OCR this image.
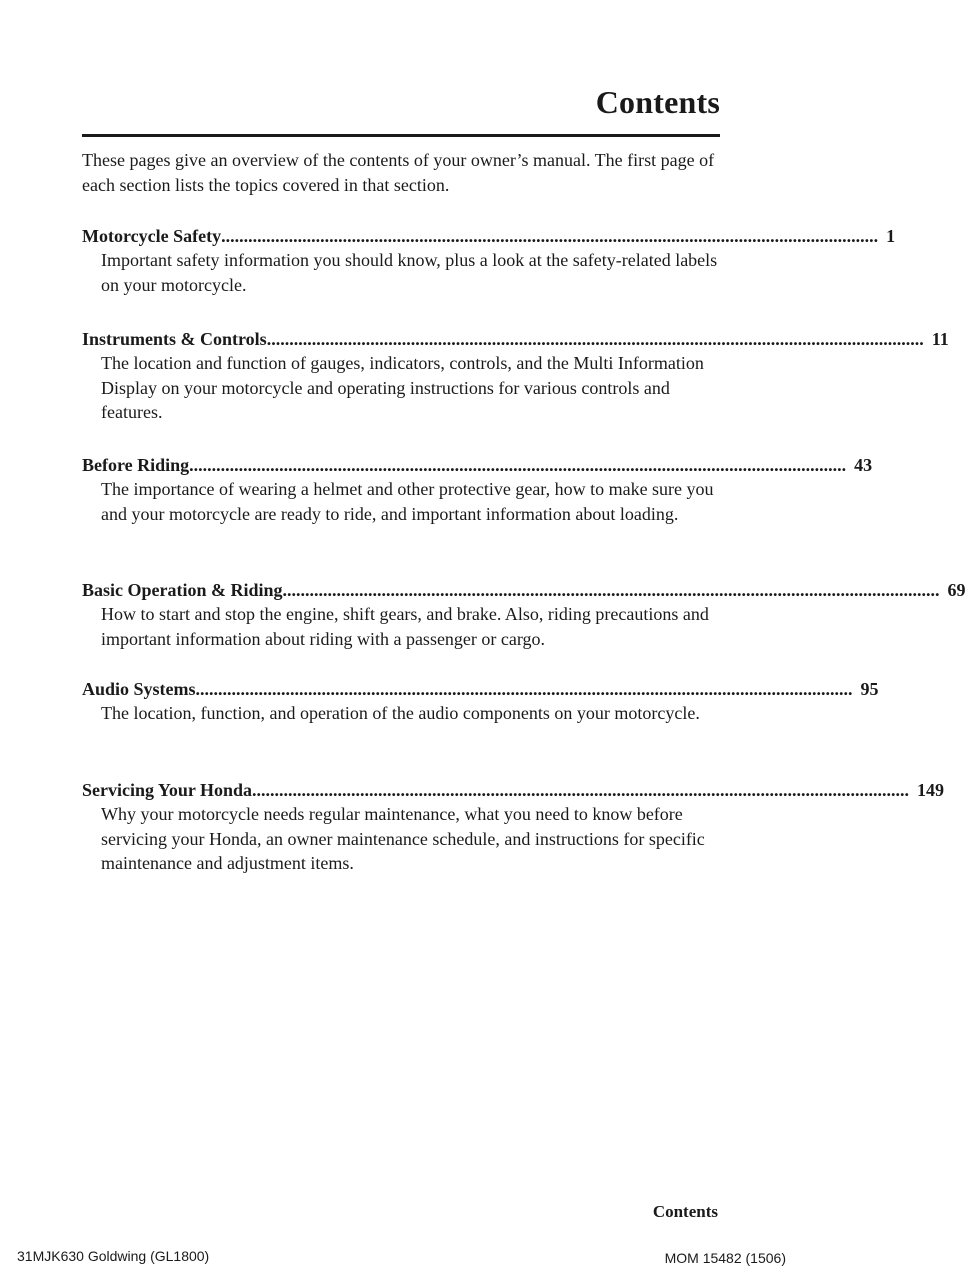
Contents

These pages give an overview of the contents of your owner’s manual. The first page of each section lists the topics covered in that section.

Motorcycle Safety .................................................................................................................................................. 1

Important safety information you should know, plus a look at the safety-related labels on your motorcycle.

Instruments & Controls .................................................................................................................................................. 11

The location and function of gauges, indicators, controls, and the Multi Information Display on your motorcycle and operating instructions for various controls and features.

Before Riding .................................................................................................................................................. 43

The importance of wearing a helmet and other protective gear, how to make sure you and your motorcycle are ready to ride, and important information about loading.

Basic Operation & Riding .................................................................................................................................................. 69

How to start and stop the engine, shift gears, and brake. Also, riding precautions and important information about riding with a passenger or cargo.

Audio Systems .................................................................................................................................................. 95

The location, function, and operation of the audio components on your motorcycle.

Servicing Your Honda .................................................................................................................................................. 149

Why your motorcycle needs regular maintenance, what you need to know before servicing your Honda, an owner maintenance schedule, and instructions for specific maintenance and adjustment items.

Contents
31MJK630 Goldwing (GL1800)	MOM 15482 (1506)
